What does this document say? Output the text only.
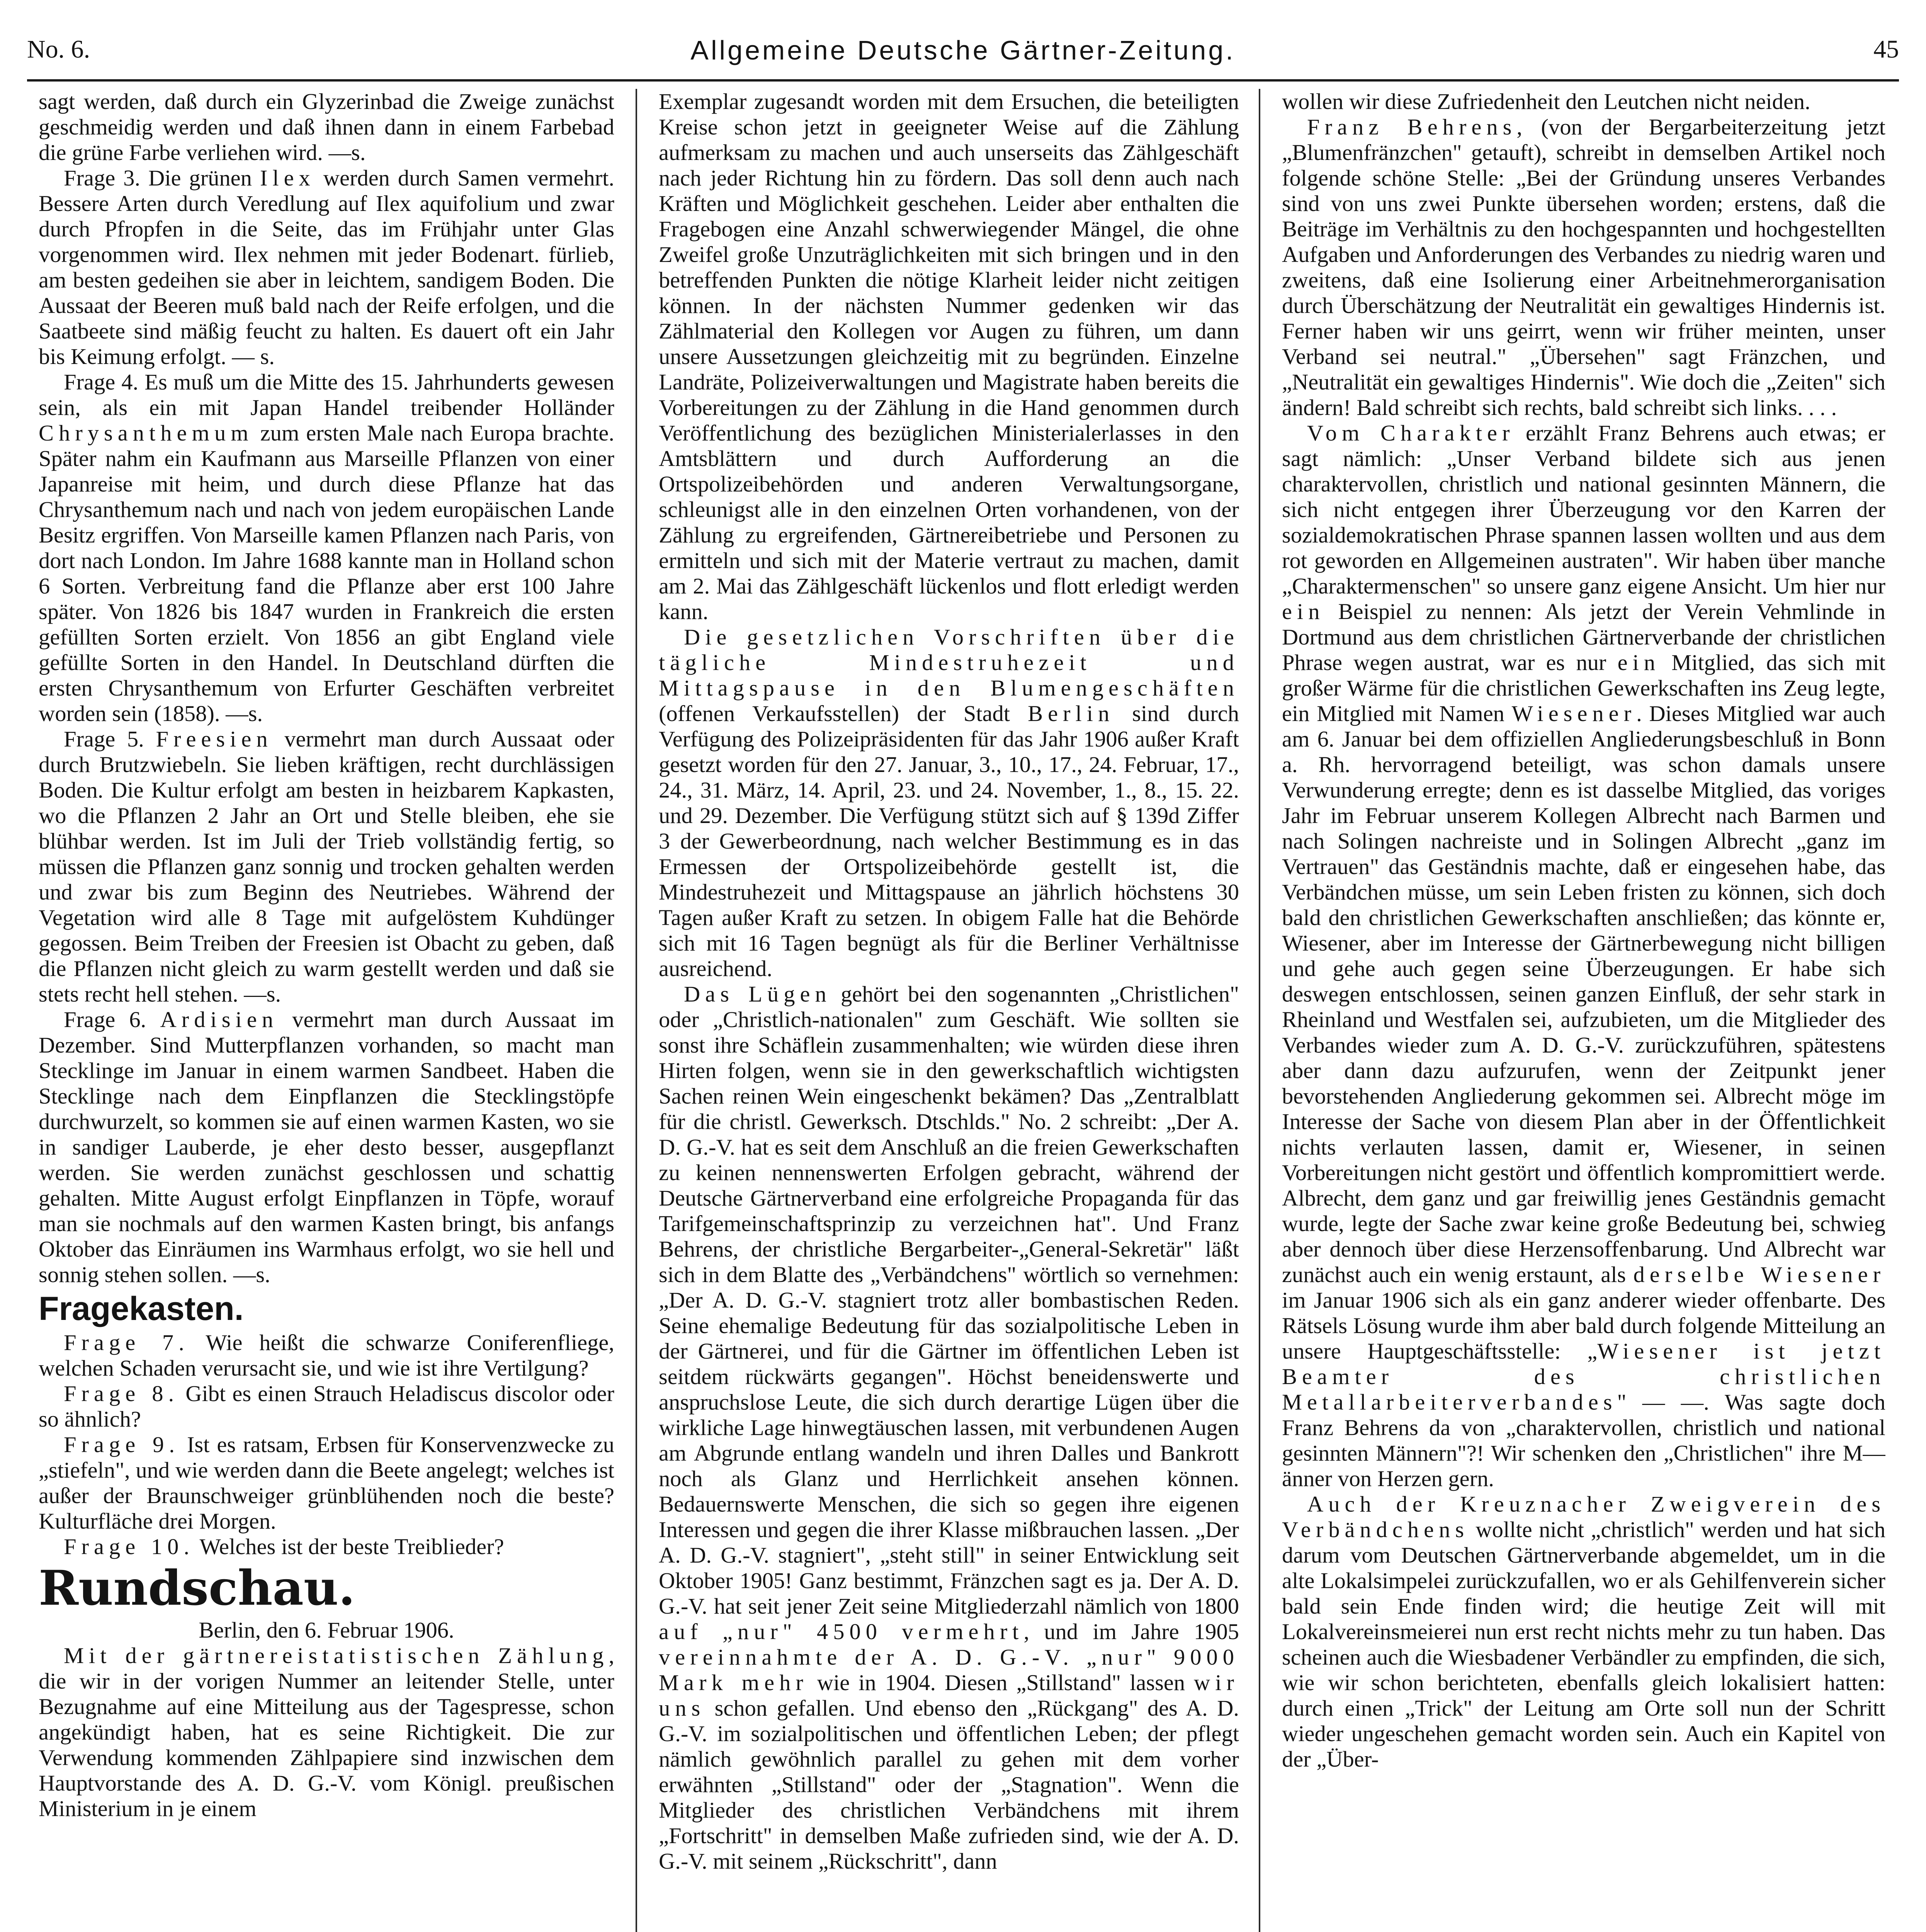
No. 6.	Allgemeine Deutsche Gärtner-Zeitung.	45

sagt werden, daß durch ein Glyzerinbad die Zweige zunächst geschmeidig werden und daß ihnen dann in einem Farbebad die grüne Farbe verliehen wird. —s.

Frage 3. Die grünen Ilex werden durch Samen vermehrt. Bessere Arten durch Veredlung auf Ilex aquifolium und zwar durch Pfropfen in die Seite, das im Frühjahr unter Glas vorgenommen wird. Ilex nehmen mit jeder Bodenart. fürlieb, am besten gedeihen sie aber in leichtem, sandigem Boden. Die Aussaat der Beeren muß bald nach der Reife erfolgen, und die Saatbeete sind mäßig feucht zu halten. Es dauert oft ein Jahr bis Keimung erfolgt. — s.

Frage 4. Es muß um die Mitte des 15. Jahrhunderts gewesen sein, als ein mit Japan Handel treibender Holländer Chrysanthemum zum ersten Male nach Europa brachte. Später nahm ein Kaufmann aus Marseille Pflanzen von einer Japanreise mit heim, und durch diese Pflanze hat das Chrysanthemum nach und nach von jedem europäischen Lande Besitz ergriffen. Von Marseille kamen Pflanzen nach Paris, von dort nach London. Im Jahre 1688 kannte man in Holland schon 6 Sorten. Verbreitung fand die Pflanze aber erst 100 Jahre später. Von 1826 bis 1847 wurden in Frankreich die ersten gefüllten Sorten erzielt. Von 1856 an gibt England viele gefüllte Sorten in den Handel. In Deutschland dürften die ersten Chrysanthemum von Erfurter Geschäften verbreitet worden sein (1858). —s.

Frage 5. Freesien vermehrt man durch Aussaat oder durch Brutzwiebeln. Sie lieben kräftigen, recht durchlässigen Boden. Die Kultur erfolgt am besten in heizbarem Kapkasten, wo die Pflanzen 2 Jahr an Ort und Stelle bleiben, ehe sie blühbar werden. Ist im Juli der Trieb vollständig fertig, so müssen die Pflanzen ganz sonnig und trocken gehalten werden und zwar bis zum Beginn des Neutriebes. Während der Vegetation wird alle 8 Tage mit aufgelöstem Kuhdünger gegossen. Beim Treiben der Freesien ist Obacht zu geben, daß die Pflanzen nicht gleich zu warm gestellt werden und daß sie stets recht hell stehen. —s.

Frage 6. Ardisien vermehrt man durch Aussaat im Dezember. Sind Mutterpflanzen vorhanden, so macht man Stecklinge im Januar in einem warmen Sandbeet. Haben die Stecklinge nach dem Einpflanzen die Stecklingstöpfe durchwurzelt, so kommen sie auf einen warmen Kasten, wo sie in sandiger Lauberde, je eher desto besser, ausgepflanzt werden. Sie werden zunächst geschlossen und schattig gehalten. Mitte August erfolgt Einpflanzen in Töpfe, worauf man sie nochmals auf den warmen Kasten bringt, bis anfangs Oktober das Einräumen ins Warmhaus erfolgt, wo sie hell und sonnig stehen sollen. —s.

Fragekasten.

Frage 7. Wie heißt die schwarze Coniferenfliege, welchen Schaden verursacht sie, und wie ist ihre Vertilgung?

Frage 8. Gibt es einen Strauch Heladiscus discolor oder so ähnlich?

Frage 9. Ist es ratsam, Erbsen für Konservenzwecke zu „stiefeln", und wie werden dann die Beete angelegt; welches ist außer der Braunschweiger grünblühenden noch die beste? Kulturfläche drei Morgen.

Frage 10. Welches ist der beste Treiblieder?

Rundschau.

Berlin, den 6. Februar 1906.

Mit der gärtnereistatistischen Zählung, die wir in der vorigen Nummer an leitender Stelle, unter Bezugnahme auf eine Mitteilung aus der Tagespresse, schon angekündigt haben, hat es seine Richtigkeit. Die zur Verwendung kommenden Zählpapiere sind inzwischen dem Hauptvorstande des A. D. G.-V. vom Königl. preußischen Ministerium in je einem

Exemplar zugesandt worden mit dem Ersuchen, die beteiligten Kreise schon jetzt in geeigneter Weise auf die Zählung aufmerksam zu machen und auch unserseits das Zählgeschäft nach jeder Richtung hin zu fördern. Das soll denn auch nach Kräften und Möglichkeit geschehen. Leider aber enthalten die Fragebogen eine Anzahl schwerwiegender Mängel, die ohne Zweifel große Unzuträglichkeiten mit sich bringen und in den betreffenden Punkten die nötige Klarheit leider nicht zeitigen können. In der nächsten Nummer gedenken wir das Zählmaterial den Kollegen vor Augen zu führen, um dann unsere Aussetzungen gleichzeitig mit zu begründen. Einzelne Landräte, Polizeiverwaltungen und Magistrate haben bereits die Vorbereitungen zu der Zählung in die Hand genommen durch Veröffentlichung des bezüglichen Ministerialerlasses in den Amtsblättern und durch Aufforderung an die Ortspolizeibehörden und anderen Verwaltungsorgane, schleunigst alle in den einzelnen Orten vorhandenen, von der Zählung zu ergreifenden, Gärtnereibetriebe und Personen zu ermitteln und sich mit der Materie vertraut zu machen, damit am 2. Mai das Zählgeschäft lückenlos und flott erledigt werden kann.

Die gesetzlichen Vorschriften über die tägliche Mindestruhezeit und Mittagspause in den Blumengeschäften (offenen Verkaufsstellen) der Stadt Berlin sind durch Verfügung des Polizeipräsidenten für das Jahr 1906 außer Kraft gesetzt worden für den 27. Januar, 3., 10., 17., 24. Februar, 17., 24., 31. März, 14. April, 23. und 24. November, 1., 8., 15. 22. und 29. Dezember. Die Verfügung stützt sich auf § 139d Ziffer 3 der Gewerbeordnung, nach welcher Bestimmung es in das Ermessen der Ortspolizeibehörde gestellt ist, die Mindestruhezeit und Mittagspause an jährlich höchstens 30 Tagen außer Kraft zu setzen. In obigem Falle hat die Behörde sich mit 16 Tagen begnügt als für die Berliner Verhältnisse ausreichend.

Das Lügen gehört bei den sogenannten „Christlichen" oder „Christlich-nationalen" zum Geschäft. Wie sollten sie sonst ihre Schäflein zusammenhalten; wie würden diese ihren Hirten folgen, wenn sie in den gewerkschaftlich wichtigsten Sachen reinen Wein eingeschenkt bekämen? Das „Zentralblatt für die christl. Gewerksch. Dtschlds." No. 2 schreibt: „Der A. D. G.-V. hat es seit dem Anschluß an die freien Gewerkschaften zu keinen nennenswerten Erfolgen gebracht, während der Deutsche Gärtnerverband eine erfolgreiche Propaganda für das Tarifgemeinschaftsprinzip zu verzeichnen hat". Und Franz Behrens, der christliche Bergarbeiter-„General-Sekretär" läßt sich in dem Blatte des „Verbändchens" wörtlich so vernehmen: „Der A. D. G.-V. stagniert trotz aller bombastischen Reden. Seine ehemalige Bedeutung für das sozialpolitische Leben in der Gärtnerei, und für die Gärtner im öffentlichen Leben ist seitdem rückwärts gegangen". Höchst beneidenswerte und anspruchslose Leute, die sich durch derartige Lügen über die wirkliche Lage hinwegtäuschen lassen, mit verbundenen Augen am Abgrunde entlang wandeln und ihren Dalles und Bankrott noch als Glanz und Herrlichkeit ansehen können. Bedauernswerte Menschen, die sich so gegen ihre eigenen Interessen und gegen die ihrer Klasse mißbrauchen lassen. „Der A. D. G.-V. stagniert", „steht still" in seiner Entwicklung seit Oktober 1905! Ganz bestimmt, Fränzchen sagt es ja. Der A. D. G.-V. hat seit jener Zeit seine Mitgliederzahl nämlich von 1800 auf „nur" 4500 vermehrt, und im Jahre 1905 vereinnahmte der A. D. G.-V. „nur" 9000 Mark mehr wie in 1904. Diesen „Stillstand" lassen wir uns schon gefallen. Und ebenso den „Rückgang" des A. D. G.-V. im sozialpolitischen und öffentlichen Leben; der pflegt nämlich gewöhnlich parallel zu gehen mit dem vorher erwähnten „Stillstand" oder der „Stagnation". Wenn die Mitglieder des christlichen Verbändchens mit ihrem „Fortschritt" in demselben Maße zufrieden sind, wie der A. D. G.-V. mit seinem „Rückschritt", dann

wollen wir diese Zufriedenheit den Leutchen nicht neiden.

Franz Behrens, (von der Bergarbeiterzeitung jetzt „Blumenfränzchen" getauft), schreibt in demselben Artikel noch folgende schöne Stelle: „Bei der Gründung unseres Verbandes sind von uns zwei Punkte übersehen worden; erstens, daß die Beiträge im Verhältnis zu den hochgespannten und hochgestellten Aufgaben und Anforderungen des Verbandes zu niedrig waren und zweitens, daß eine Isolierung einer Arbeitnehmerorganisation durch Überschätzung der Neutralität ein gewaltiges Hindernis ist. Ferner haben wir uns geirrt, wenn wir früher meinten, unser Verband sei neutral." „Übersehen" sagt Fränzchen, und „Neutralität ein gewaltiges Hindernis". Wie doch die „Zeiten" sich ändern! Bald schreibt sich rechts, bald schreibt sich links. . . .

Vom Charakter erzählt Franz Behrens auch etwas; er sagt nämlich: „Unser Verband bildete sich aus jenen charaktervollen, christlich und national gesinnten Männern, die sich nicht entgegen ihrer Überzeugung vor den Karren der sozialdemokratischen Phrase spannen lassen wollten und aus dem rot geworden en Allgemeinen austraten". Wir haben über manche „Charaktermenschen" so unsere ganz eigene Ansicht. Um hier nur ein Beispiel zu nennen: Als jetzt der Verein Vehmlinde in Dortmund aus dem christlichen Gärtnerverbande der christlichen Phrase wegen austrat, war es nur ein Mitglied, das sich mit großer Wärme für die christlichen Gewerkschaften ins Zeug legte, ein Mitglied mit Namen Wiesener. Dieses Mitglied war auch am 6. Januar bei dem offiziellen Angliederungsbeschluß in Bonn a. Rh. hervorragend beteiligt, was schon damals unsere Verwunderung erregte; denn es ist dasselbe Mitglied, das voriges Jahr im Februar unserem Kollegen Albrecht nach Barmen und nach Solingen nachreiste und in Solingen Albrecht „ganz im Vertrauen" das Geständnis machte, daß er eingesehen habe, das Verbändchen müsse, um sein Leben fristen zu können, sich doch bald den christlichen Gewerkschaften anschließen; das könnte er, Wiesener, aber im Interesse der Gärtnerbewegung nicht billigen und gehe auch gegen seine Überzeugungen. Er habe sich deswegen entschlossen, seinen ganzen Einfluß, der sehr stark in Rheinland und Westfalen sei, aufzubieten, um die Mitglieder des Verbandes wieder zum A. D. G.-V. zurückzuführen, spätestens aber dann dazu aufzurufen, wenn der Zeitpunkt jener bevorstehenden Angliederung gekommen sei. Albrecht möge im Interesse der Sache von diesem Plan aber in der Öffentlichkeit nichts verlauten lassen, damit er, Wiesener, in seinen Vorbereitungen nicht gestört und öffentlich kompromittiert werde. Albrecht, dem ganz und gar freiwillig jenes Geständnis gemacht wurde, legte der Sache zwar keine große Bedeutung bei, schwieg aber dennoch über diese Herzensoffenbarung. Und Albrecht war zunächst auch ein wenig erstaunt, als derselbe Wiesener im Januar 1906 sich als ein ganz anderer wieder offenbarte. Des Rätsels Lösung wurde ihm aber bald durch folgende Mitteilung an unsere Hauptgeschäftsstelle: „Wiesener ist jetzt Beamter des christlichen Metallarbeiterverbandes" — —. Was sagte doch Franz Behrens da von „charaktervollen, christlich und national gesinnten Männern"?! Wir schenken den „Christlichen" ihre M—änner von Herzen gern.

Auch der Kreuznacher Zweigverein des Verbändchens wollte nicht „christlich" werden und hat sich darum vom Deutschen Gärtnerverbande abgemeldet, um in die alte Lokalsimpelei zurückzufallen, wo er als Gehilfenverein sicher bald sein Ende finden wird; die heutige Zeit will mit Lokalvereinsmeierei nun erst recht nichts mehr zu tun haben. Das scheinen auch die Wiesbadener Verbändler zu empfinden, die sich, wie wir schon berichteten, ebenfalls gleich lokalisiert hatten: durch einen „Trick" der Leitung am Orte soll nun der Schritt wieder ungeschehen gemacht worden sein. Auch ein Kapitel von der „Über-
